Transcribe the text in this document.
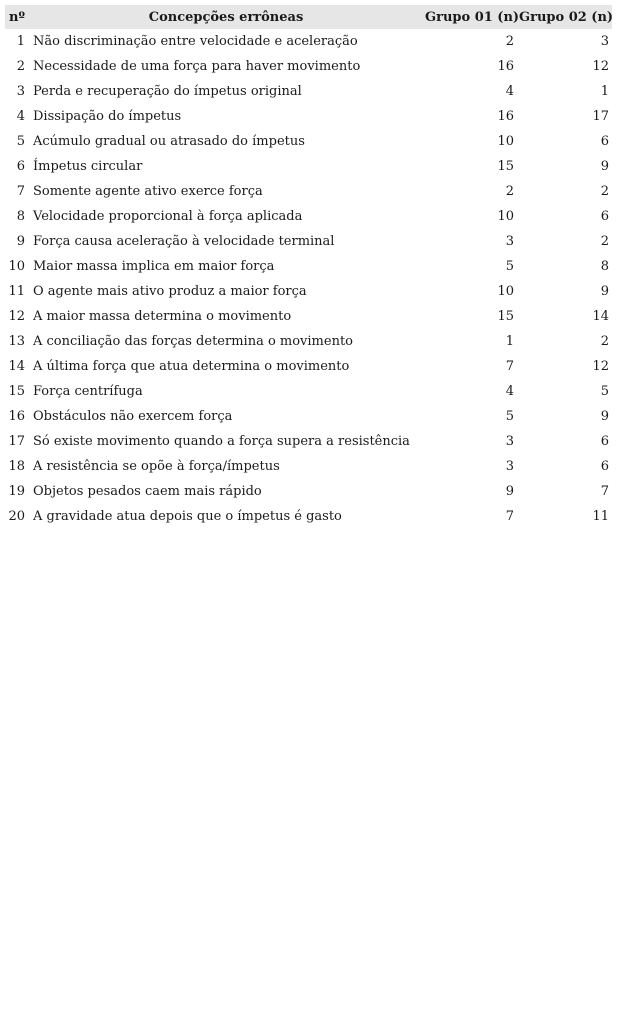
nº	Concepções errôneas	Grupo 01 (n)	Grupo 02 (n)
1	Não discriminação entre velocidade e aceleração	2	3
2	Necessidade de uma força para haver movimento	16	12
3	Perda e recuperação do ímpetus original	4	1
4	Dissipação do ímpetus	16	17
5	Acúmulo gradual ou atrasado do ímpetus	10	6
6	Ímpetus circular	15	9
7	Somente agente ativo exerce força	2	2
8	Velocidade proporcional à força aplicada	10	6
9	Força causa aceleração à velocidade terminal	3	2
10	Maior massa implica em maior força	5	8
11	O agente mais ativo produz a maior força	10	9
12	A maior massa determina o movimento	15	14
13	A conciliação das forças determina o movimento	1	2
14	A última força que atua determina o movimento	7	12
15	Força centrífuga	4	5
16	Obstáculos não exercem força	5	9
17	Só existe movimento quando a força supera a resistência	3	6
18	A resistência se opõe à força/ímpetus	3	6
19	Objetos pesados caem mais rápido	9	7
20	A gravidade atua depois que o ímpetus é gasto	7	11
